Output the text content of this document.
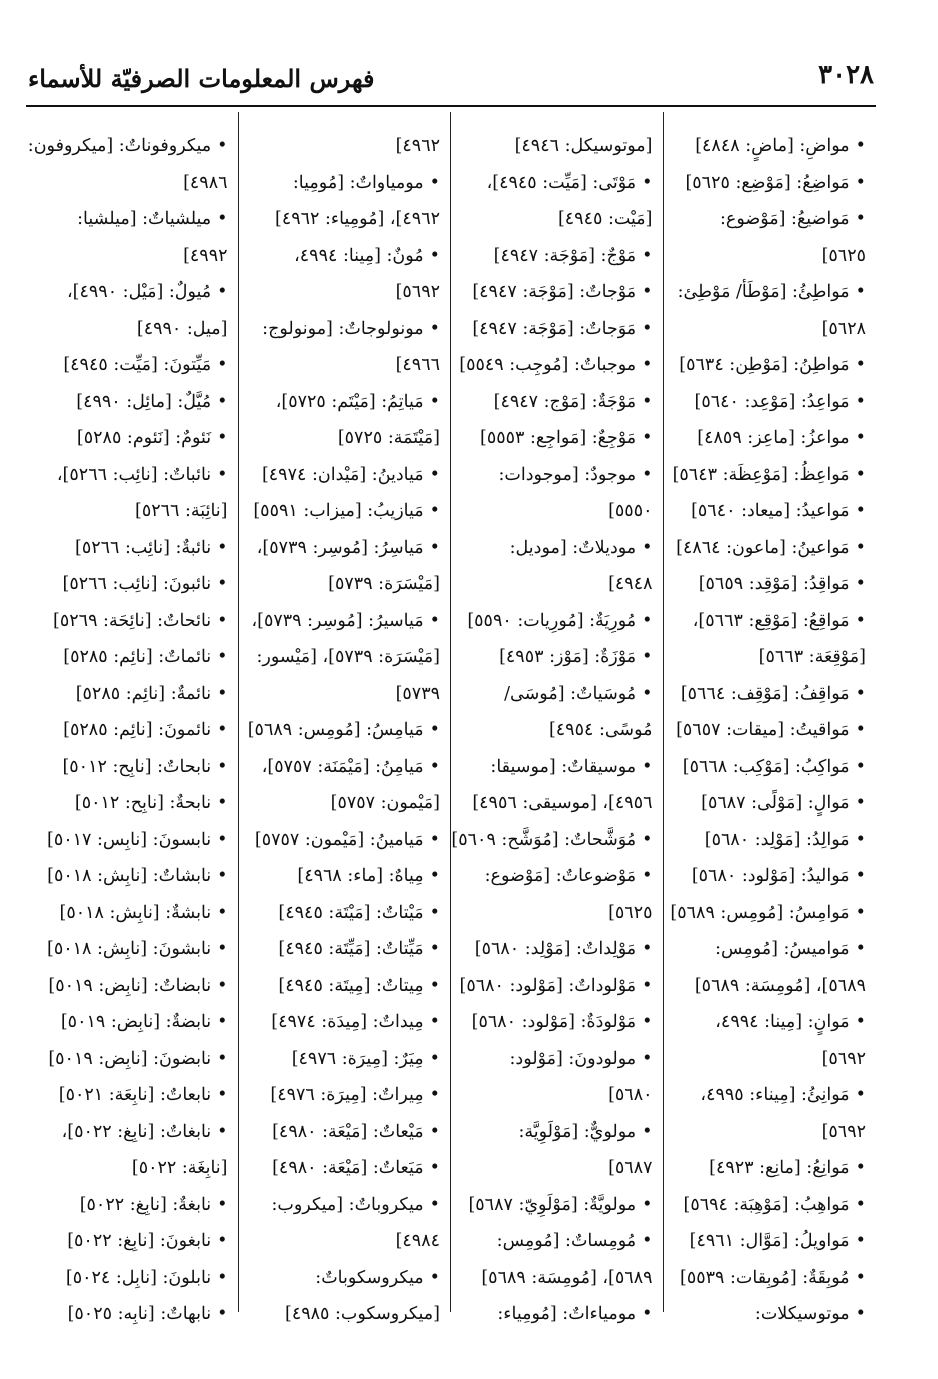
٣٠٢٨
فهرس المعلومات الصرفيّة للأسماء
• مواضِ: [ماضٍ: ٤٨٤٨]
• مَواضِعُ: [مَوْضِع: ٥٦٢٥]
• مَواضيعُ: [مَوْضوع:
٥٦٢٥]
• مَواطِئُ: [مَوْطَأ/ مَوْطِئ:
٥٦٢٨]
• مَواطِنُ: [مَوْطِن: ٥٦٣٤]
• مَواعِدُ: [مَوْعِد: ٥٦٤٠]
• مواعزُ: [ماعِز: ٤٨٥٩]
• مَواعِظُ: [مَوْعِظَة: ٥٦٤٣]
• مَواعيدُ: [ميعاد: ٥٦٤٠]
• مَواعينُ: [ماعون: ٤٨٦٤]
• مَواقِدُ: [مَوْقِد: ٥٦٥٩]
• مَواقِعُ: [مَوْقِع: ٥٦٦٣]،
[مَوْقِعَة: ٥٦٦٣]
• مَواقِفُ: [مَوْقِف: ٥٦٦٤]
• مَواقيتُ: [ميقات: ٥٦٥٧]
• مَواكِبُ: [مَوْكِب: ٥٦٦٨]
• مَوالٍ: [مَوْلًى: ٥٦٨٧]
• مَوالِدُ: [مَوْلِد: ٥٦٨٠]
• مَواليدُ: [مَوْلود: ٥٦٨٠]
• مَوامِسُ: [مُومِس: ٥٦٨٩]
• مَواميسُ: [مُومِس:
٥٦٨٩]، [مُومِسَة: ٥٦٨٩]
• مَوانٍ: [مِينا: ٤٩٩٤،
٥٦٩٢]
• مَوانِئُ: [مِيناء: ٤٩٩٥،
٥٦٩٢]
• مَوانِعُ: [مانِع: ٤٩٢٣]
• مَواهِبُ: [مَوْهِبَة: ٥٦٩٤]
• مَواويلُ: [مَوَّال: ٤٩٦١]
• مُوبِقَةٌ: [مُوبِقات: ٥٥٣٩]
• موتوسيكلات:
[موتوسيكل: ٤٩٤٦]
• مَوْتَى: [مَيِّت: ٤٩٤٥]،
[مَيْت: ٤٩٤٥]
• مَوْجٌ: [مَوْجَة: ٤٩٤٧]
• مَوْجاتٌ: [مَوْجَة: ٤٩٤٧]
• مَوَجاتٌ: [مَوْجَة: ٤٩٤٧]
• موجباتٌ: [مُوجِب: ٥٥٤٩]
• مَوْجَةٌ: [مَوْج: ٤٩٤٧]
• مَوْجِعٌ: [مَواجِع: ٥٥٥٣]
• موجودٌ: [موجودات:
٥٥٥٠]
• موديلاتٌ: [موديل:
٤٩٤٨]
• مُورِيَةٌ: [مُورِيات: ٥٥٩٠]
• مَوْزَةٌ: [مَوْز: ٤٩٥٣]
• مُوسَياتٌ: [مُوسَى/
مُوسًى: ٤٩٥٤]
• موسيقاتٌ: [موسيقا:
٤٩٥٦]، [موسيقى: ٤٩٥٦]
• مُوَشَّحاتٌ: [مُوَشَّح: ٥٦٠٩]
• مَوْضوعاتٌ: [مَوْضوع:
٥٦٢٥]
• مَوْلِداتٌ: [مَوْلِد: ٥٦٨٠]
• مَوْلوداتٌ: [مَوْلود: ٥٦٨٠]
• مَوْلودَةٌ: [مَوْلود: ٥٦٨٠]
• مولودونَ: [مَوْلود:
٥٦٨٠]
• مولويٌّ: [مَوْلَوِيَّة:
٥٦٨٧]
• مولويَّةٌ: [مَوْلَوِيّ: ٥٦٨٧]
• مُومِساتٌ: [مُومِس:
٥٦٨٩]، [مُومِسَة: ٥٦٨٩]
• مومياءاتٌ: [مُومِياء:
٤٩٦٢]
• مومياواتٌ: [مُومِيا:
٤٩٦٢]، [مُومِياء: ٤٩٦٢]
• مُونٌ: [مِينا: ٤٩٩٤،
٥٦٩٢]
• مونولوجاتٌ: [مونولوج:
٤٩٦٦]
• مَياتِمُ: [مَيْتَم: ٥٧٢٥]،
[مَيْتَمَة: ٥٧٢٥]
• مَيادينُ: [مَيْدان: ٤٩٧٤]
• مَيازيبُ: [ميزاب: ٥٥٩١]
• مَياسِرُ: [مُوسِر: ٥٧٣٩]،
[مَيْسَرَة: ٥٧٣٩]
• مَياسيرُ: [مُوسِر: ٥٧٣٩]،
[مَيْسَرَة: ٥٧٣٩]، [مَيْسور:
٥٧٣٩]
• مَيامِسُ: [مُومِس: ٥٦٨٩]
• مَيامِنُ: [مَيْمَنَة: ٥٧٥٧]،
[مَيْمون: ٥٧٥٧]
• مَيامينُ: [مَيْمون: ٥٧٥٧]
• مِياهٌ: [ماء: ٤٩٦٨]
• مَيْتاتٌ: [مَيْتَة: ٤٩٤٥]
• مَيِّتاتٌ: [مَيِّتَة: ٤٩٤٥]
• مِيتاتٌ: [مِيتَة: ٤٩٤٥]
• مِيداتٌ: [مِيدَة: ٤٩٧٤]
• مِيَرٌ: [مِيرَة: ٤٩٧٦]
• مِيراتٌ: [مِيرَة: ٤٩٧٦]
• مَيْعاتٌ: [مَيْعَة: ٤٩٨٠]
• مَيَعاتٌ: [مَيْعَة: ٤٩٨٠]
• ميكروباتٌ: [ميكروب:
٤٩٨٤]
• ميكروسكوباتٌ:
[ميكروسكوب: ٤٩٨٥]
• ميكروفوناتٌ: [ميكروفون:
٤٩٨٦]
• ميلشياتٌ: [ميلشيا:
٤٩٩٢]
• مُيولٌ: [مَيْل: ٤٩٩٠]،
[ميل: ٤٩٩٠]
• مَيِّتونَ: [مَيِّت: ٤٩٤٥]
• مُيَّلٌ: [مائِل: ٤٩٩٠]
• نَئومٌ: [نَئوم: ٥٢٨٥]
• نائباتٌ: [نائِب: ٥٢٦٦]،
[نائِبَة: ٥٢٦٦]
• نائبةٌ: [نائِب: ٥٢٦٦]
• نائبونَ: [نائِب: ٥٢٦٦]
• نائحاتٌ: [نائِحَة: ٥٢٦٩]
• نائماتٌ: [نائِم: ٥٢٨٥]
• نائمةٌ: [نائِم: ٥٢٨٥]
• نائمونَ: [نائِم: ٥٢٨٥]
• نابحاتٌ: [نابِح: ٥٠١٢]
• نابحةٌ: [نابِح: ٥٠١٢]
• نابسونَ: [نابِس: ٥٠١٧]
• نابشاتٌ: [نابِش: ٥٠١٨]
• نابشةٌ: [نابِش: ٥٠١٨]
• نابشونَ: [نابِش: ٥٠١٨]
• نابضاتٌ: [نابِض: ٥٠١٩]
• نابضةٌ: [نابِض: ٥٠١٩]
• نابضونَ: [نابِض: ٥٠١٩]
• نابعاتٌ: [نابِعَة: ٥٠٢١]
• نابغاتٌ: [نابِغ: ٥٠٢٢]،
[نابِغَة: ٥٠٢٢]
• نابغةٌ: [نابِغ: ٥٠٢٢]
• نابغونَ: [نابِغ: ٥٠٢٢]
• نابلونَ: [نابِل: ٥٠٢٤]
• نابهاتٌ: [نابِه: ٥٠٢٥]
